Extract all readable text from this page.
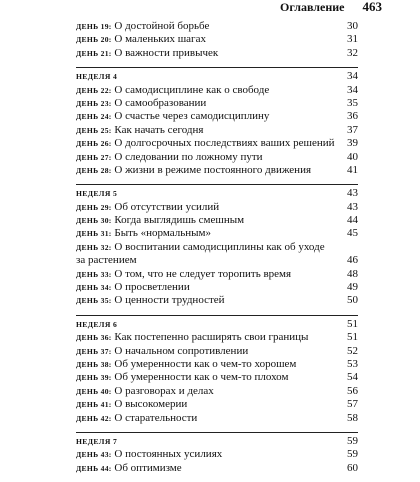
Оглавление 463
ДЕНЬ 19: О достойной борьбе	30
ДЕНЬ 20: О маленьких шагах	31
ДЕНЬ 21: О важности привычек	32
НЕДЕЛЯ 4	34
ДЕНЬ 22: О самодисциплине как о свободе	34
ДЕНЬ 23: О самообразовании	35
ДЕНЬ 24: О счастье через самодисциплину	36
ДЕНЬ 25: Как начать сегодня	37
ДЕНЬ 26: О долгосрочных последствиях ваших решений 39
ДЕНЬ 27: О следовании по ложному пути	40
ДЕНЬ 28: О жизни в режиме постоянного движения	41
НЕДЕЛЯ 5	43
ДЕНЬ 29: Об отсутствии усилий	43
ДЕНЬ 30: Когда выглядишь смешным	44
ДЕНЬ 31: Быть «нормальным»	45
ДЕНЬ 32: О воспитании самодисциплины как об уходе
за растением	46
ДЕНЬ 33: О том, что не следует торопить время	48
ДЕНЬ 34: О просветлении	49
ДЕНЬ 35: О ценности трудностей	50
НЕДЕЛЯ 6	51
ДЕНЬ 36: Как постепенно расширять свои границы	51
ДЕНЬ 37: О начальном сопротивлении	52
ДЕНЬ 38: Об умеренности как о чем-то хорошем	53
ДЕНЬ 39: Об умеренности как о чем-то плохом	54
ДЕНЬ 40: О разговорах и делах	56
ДЕНЬ 41: О высокомерии	57
ДЕНЬ 42: О старательности	58
НЕДЕЛЯ 7	59
ДЕНЬ 43: О постоянных усилиях	59
ДЕНЬ 44: Об оптимизме	60
